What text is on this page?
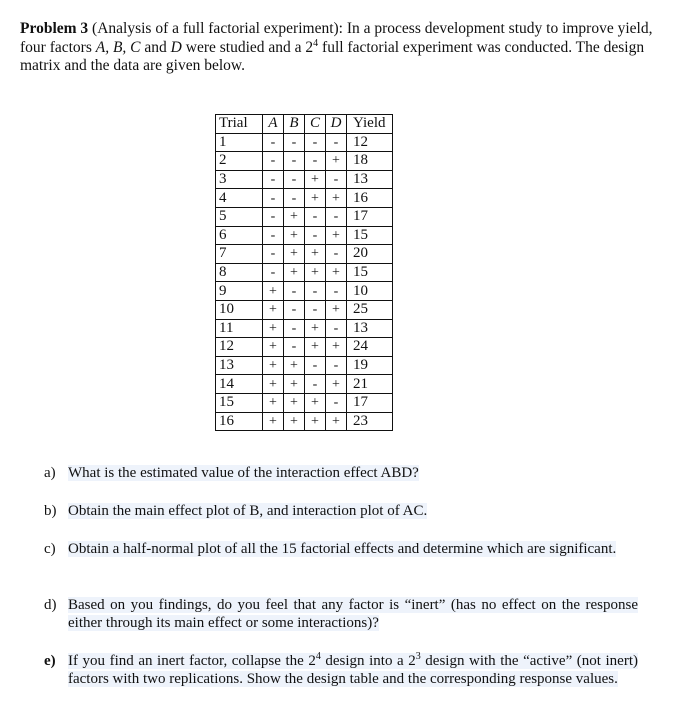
Problem 3 (Analysis of a full factorial experiment): In a process development study to improve yield, four factors A, B, C and D were studied and a $2^4$ full factorial experiment was conducted. The design matrix and the data are given below.
Trial	A	B	C	D	Yield
1	-	-	-	-	12
2	-	-	-	+	18
3	-	-	+	-	13
4	-	-	+	+	16
5	-	+	-	-	17
6	-	+	-	+	15
7	-	+	+	-	20
8	-	+	+	+	15
9	+	-	-	-	10
10	+	-	-	+	25
11	+	-	+	-	13
12	+	-	+	+	24
13	+	+	-	-	19
14	+	+	-	+	21
15	+	+	+	-	17
16	+	+	+	+	23
a) What is the estimated value of the interaction effect ABD?
b) Obtain the main effect plot of B, and interaction plot of AC.
c) Obtain a half-normal plot of all the 15 factorial effects and determine which are significant.
d) Based on you findings, do you feel that any factor is “inert” (has no effect on the response either through its main effect or some interactions)?
e) If you find an inert factor, collapse the $2^4$ design into a $2^3$ design with the “active” (not inert) factors with two replications. Show the design table and the corresponding response values.
